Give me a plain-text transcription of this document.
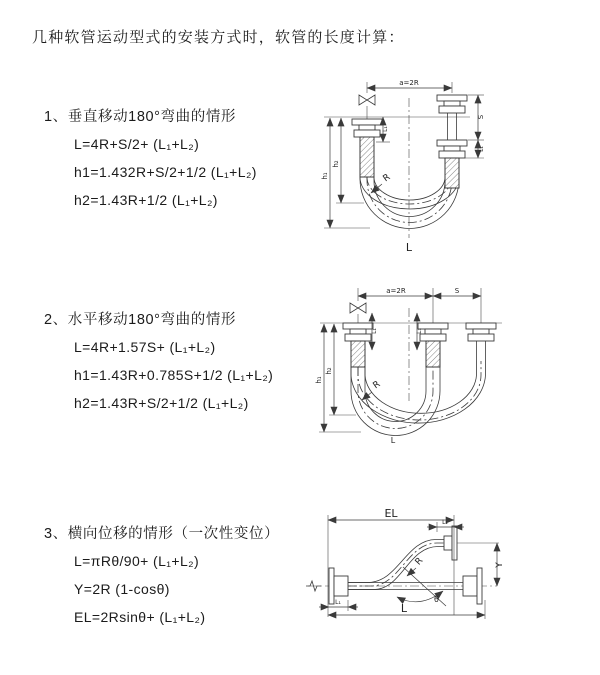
几种软管运动型式的安装方式时，软管的长度计算：
1、垂直移动180°弯曲的情形
L=4R+S/2+ (L₁+L₂)
h1=1.432R+S/2+1/2 (L₁+L₂)
h2=1.43R+1/2 (L₁+L₂)
2、水平移动180°弯曲的情形
L=4R+1.57S+ (L₁+L₂)
h1=1.43R+0.785S+1/2 (L₁+L₂)
h2=1.43R+S/2+1/2 (L₁+L₂)
3、横向位移的情形（一次性变位）
L=πRθ/90+ (L₁+L₂)
Y=2R (1-cosθ)
EL=2Rsinθ+ (L₁+L₂)
a=2R
h₁
h₂
L₁
S
L₁
R
L
a=2R	S
h₁
h₂
L₁	L₁
R
L
EL
L₁
Y
θ
R
L
L₁
